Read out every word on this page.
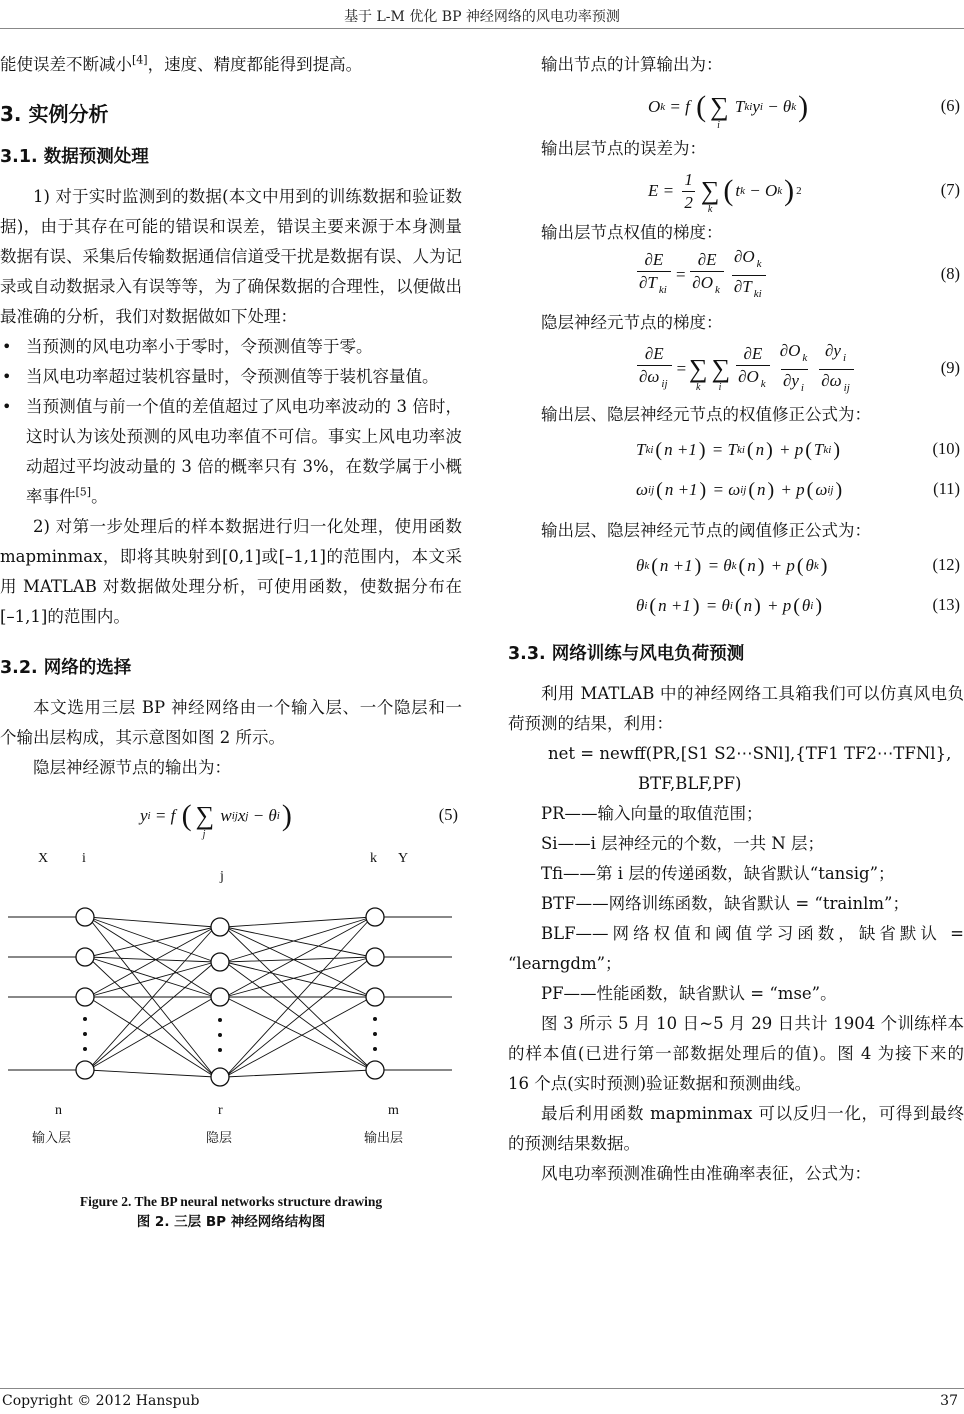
基于 L-M 优化 BP 神经网络的风电功率预测

能使误差不断减小[4]，速度、精度都能得到提高。

3. 实例分析
3.1. 数据预测处理

1) 对于实时监测到的数据(本文中用到的训练数据和验证数据)，由于其存在可能的错误和误差，错误主要来源于本身测量数据有误、采集后传输数据通信信道受干扰是数据有误、人为记录或自动数据录入有误等等，为了确保数据的合理性，以便做出最准确的分析，我们对数据做如下处理：

• 当预测的风电功率小于零时，令预测值等于零。

• 当风电功率超过装机容量时，令预测值等于装机容量值。

• 当预测值与前一个值的差值超过了风电功率波动的 3 倍时，这时认为该处预测的风电功率值不可信。事实上风电功率波动超过平均波动量的 3 倍的概率只有 3%，在数学属于小概率事件[5]。

2) 对第一步处理后的样本数据进行归一化处理，使用函数 mapminmax，即将其映射到[0,1]或[–1,1]的范围内，本文采用 MATLAB 对数据做处理分析，可使用函数，使数据分布在[–1,1]的范围内。

3.2. 网络的选择

本文选用三层 BP 神经网络由一个输入层、一个隐层和一个输出层构成，其示意图如图 2 所示。

隐层神经源节点的输出为：

y i = f ( ∑
j
w ij x j − θ i )	(5)
X i
j
k Y
n	r	m
输入层	隐层	输出层
Figure 2. The BP neural networks structure drawing
图 2. 三层 BP 神经网络结构图

输出节点的计算输出为：

O k = f ( ∑
i
T ki y i − θ k )	(6)

输出层节点的误差为：

$E = \frac{1}{2}$ ∑
k
( t k − O k ) 2	(7)

输出层节点权值的梯度：

$\frac{\partial E}{\partial T _{ki}} = \frac{\partial E}{\partial O _k} \frac{\partial O _k}{\partial T _{ki}}$	(8)

隐层神经元节点的梯度：

$\frac{\partial E}{\partial\omega _{ij}}$ = ∑
k
∑
i $\frac{\partial E}{\partial O _k} \frac{\partial O _k}{\partial y _i} \frac{\partial y _i}{\partial\omega _{ij}}$	(9)

输出层、隐层神经元节点的权值修正公式为：

T ki ( n +1 ) = T ki ( n ) + p ( T ki )	(10)
ω ij ( n +1 ) = ω ij ( n ) + p ( ω ij )	(11)

输出层、隐层神经元节点的阈值修正公式为：

θ k ( n +1 ) = θ k ( n ) + p ( θ k )	(12)
θ i ( n +1 ) = θ i ( n ) + p ( θ i )	(13)
3.3. 网络训练与风电负荷预测

利用 MATLAB 中的神经网络工具箱我们可以仿真风电负荷预测的结果，利用：

net = newff(PR,[S1 S2⋯SNl],{TF1 TF2⋯TFNl},

BTF,BLF,PF)

PR——输入向量的取值范围；

Si——i 层神经元的个数，一共 N 层；

Tfi——第 i 层的传递函数，缺省默认“tansig”；

BTF——网络训练函数，缺省默认 = “trainlm”；

BLF——网络权值和阈值学习函数，缺省默认 = “learngdm”；

PF——性能函数，缺省默认 = “mse”。

图 3 所示 5 月 10 日~5 月 29 日共计 1904 个训练样本的样本值(已进行第一部数据处理后的值)。图 4 为接下来的 16 个点(实时预测)验证数据和预测曲线。

最后利用函数 mapminmax 可以反归一化，可得到最终的预测结果数据。

风电功率预测准确性由准确率表征，公式为：

Copyright © 2012 Hanspub	37
